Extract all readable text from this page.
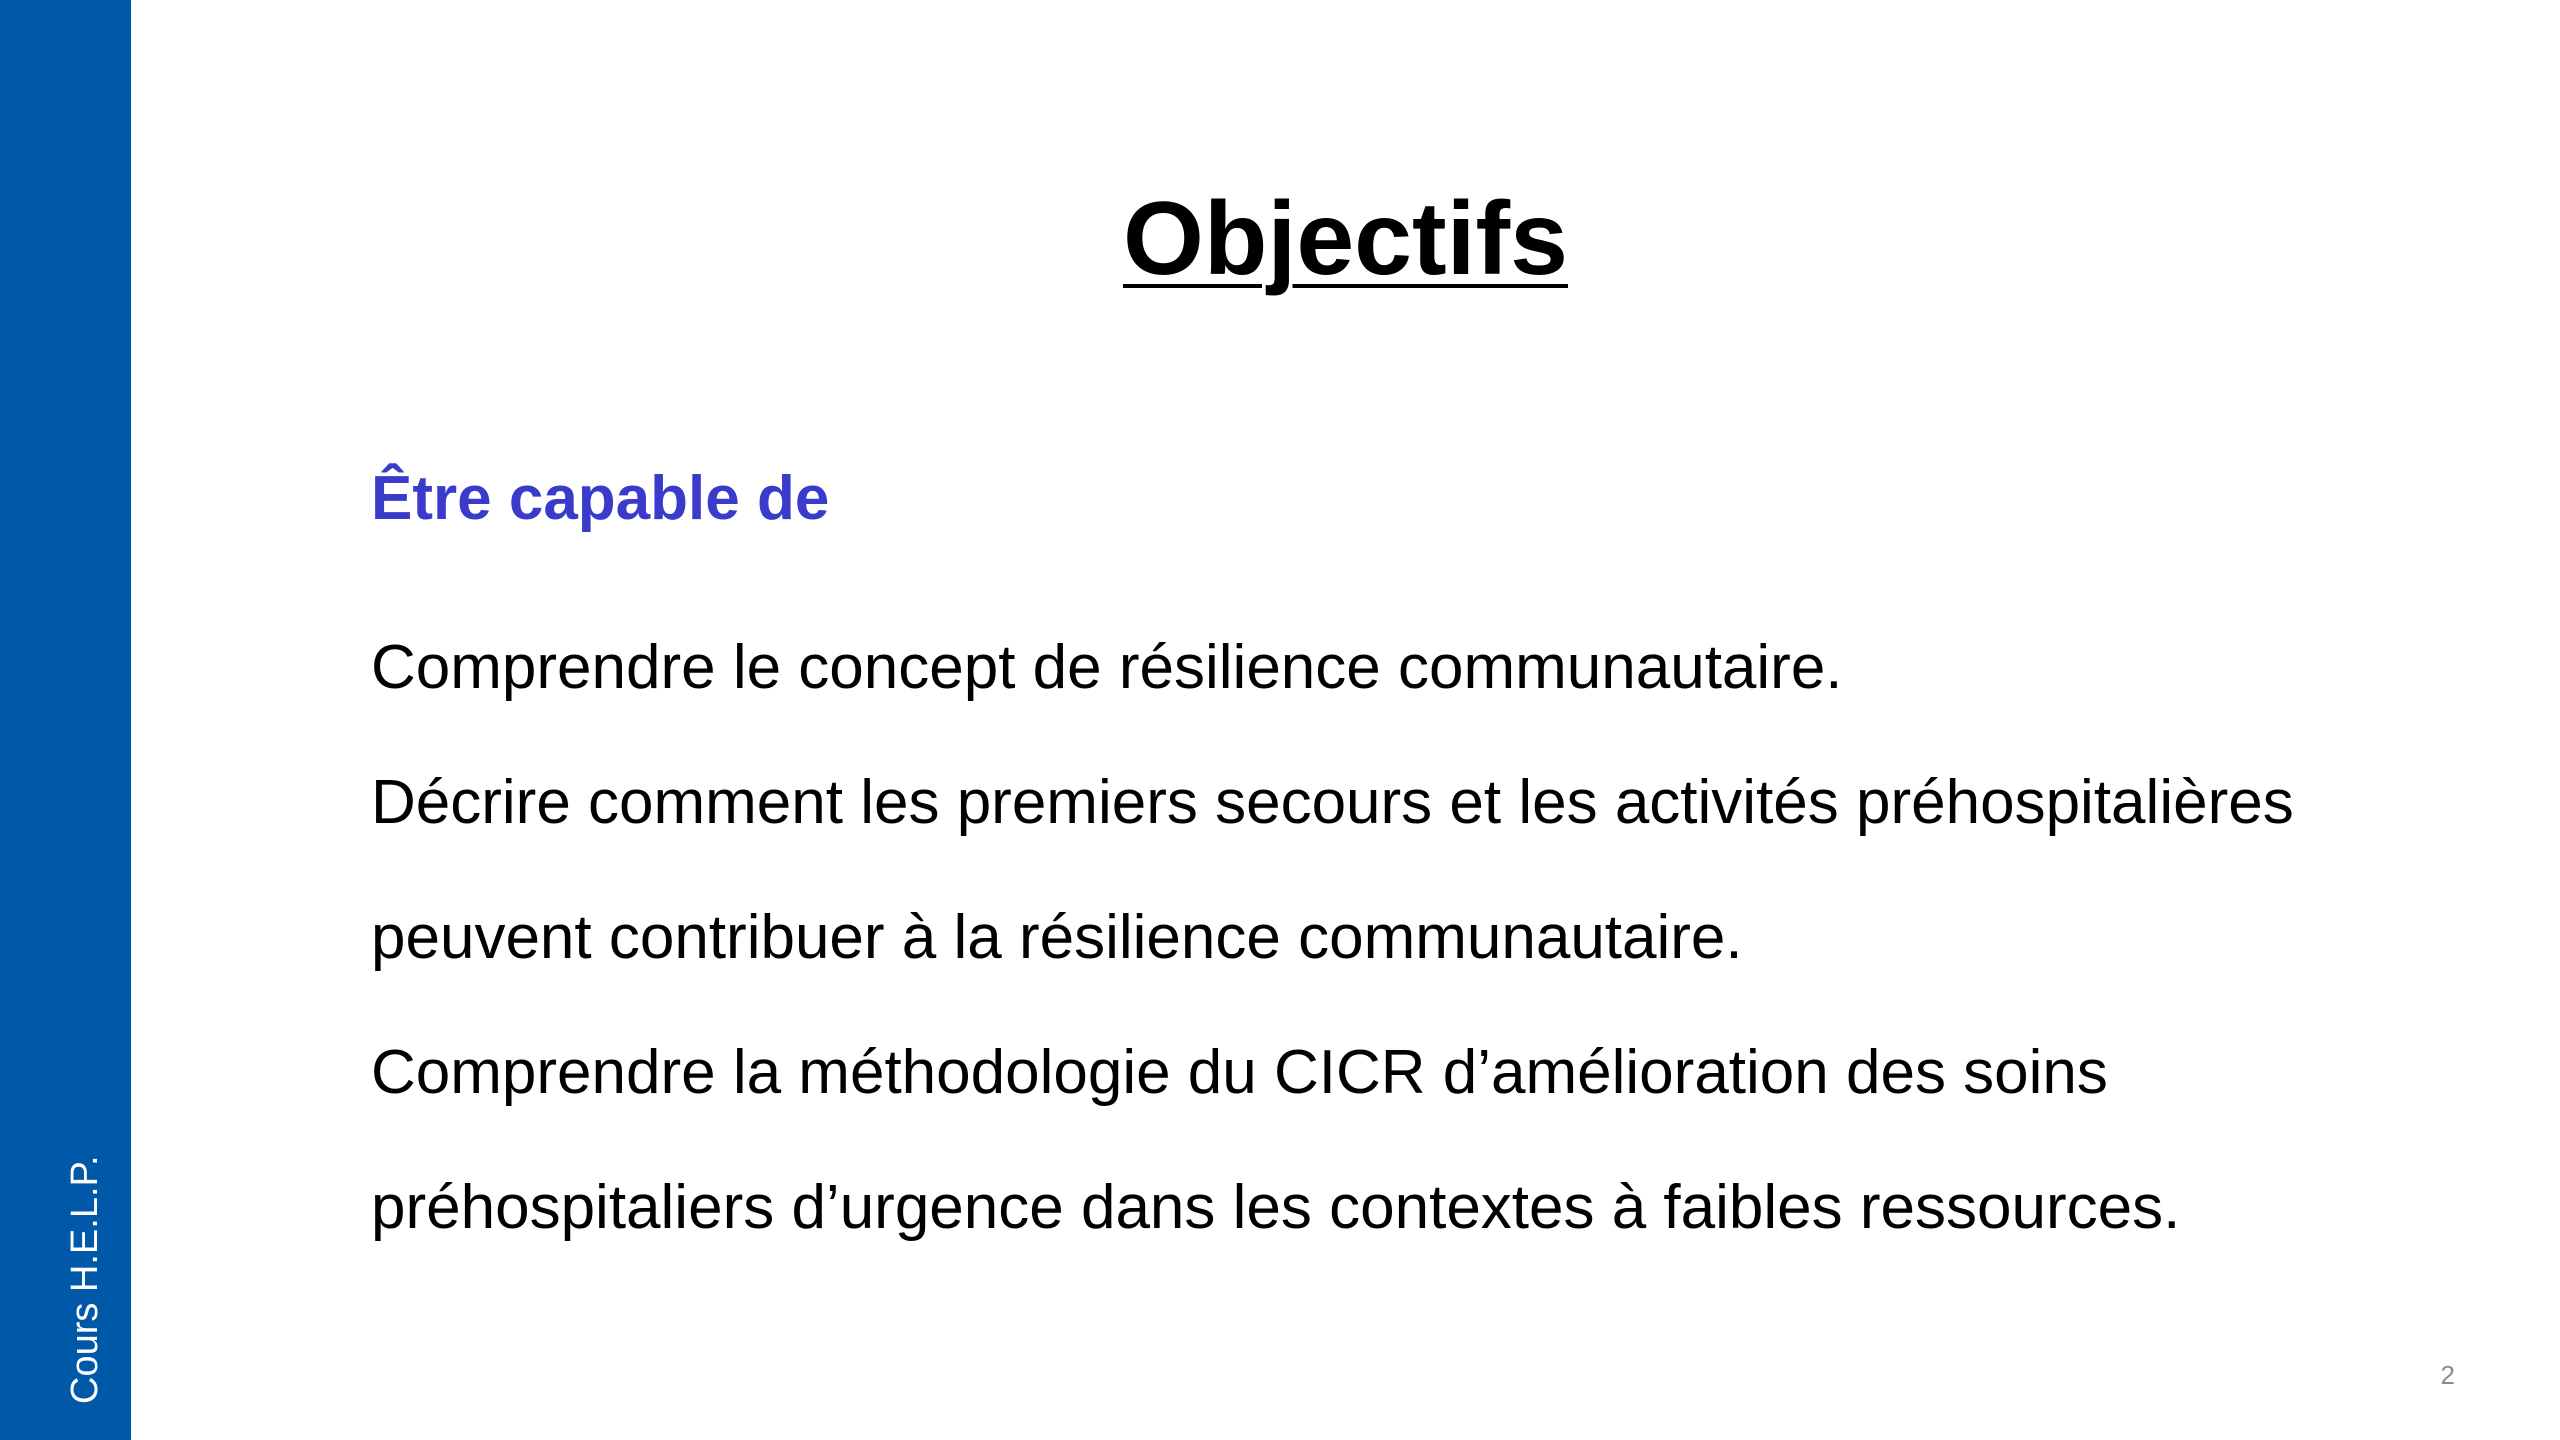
Cours H.E.L.P.
Objectifs

Être capable de

Comprendre le concept de résilience communautaire.

Décrire comment les premiers secours et les activités préhospitalières peuvent contribuer à la résilience communautaire.

Comprendre la méthodologie du CICR d’amélioration des soins préhospitaliers d’urgence dans les contextes à faibles ressources.

2
